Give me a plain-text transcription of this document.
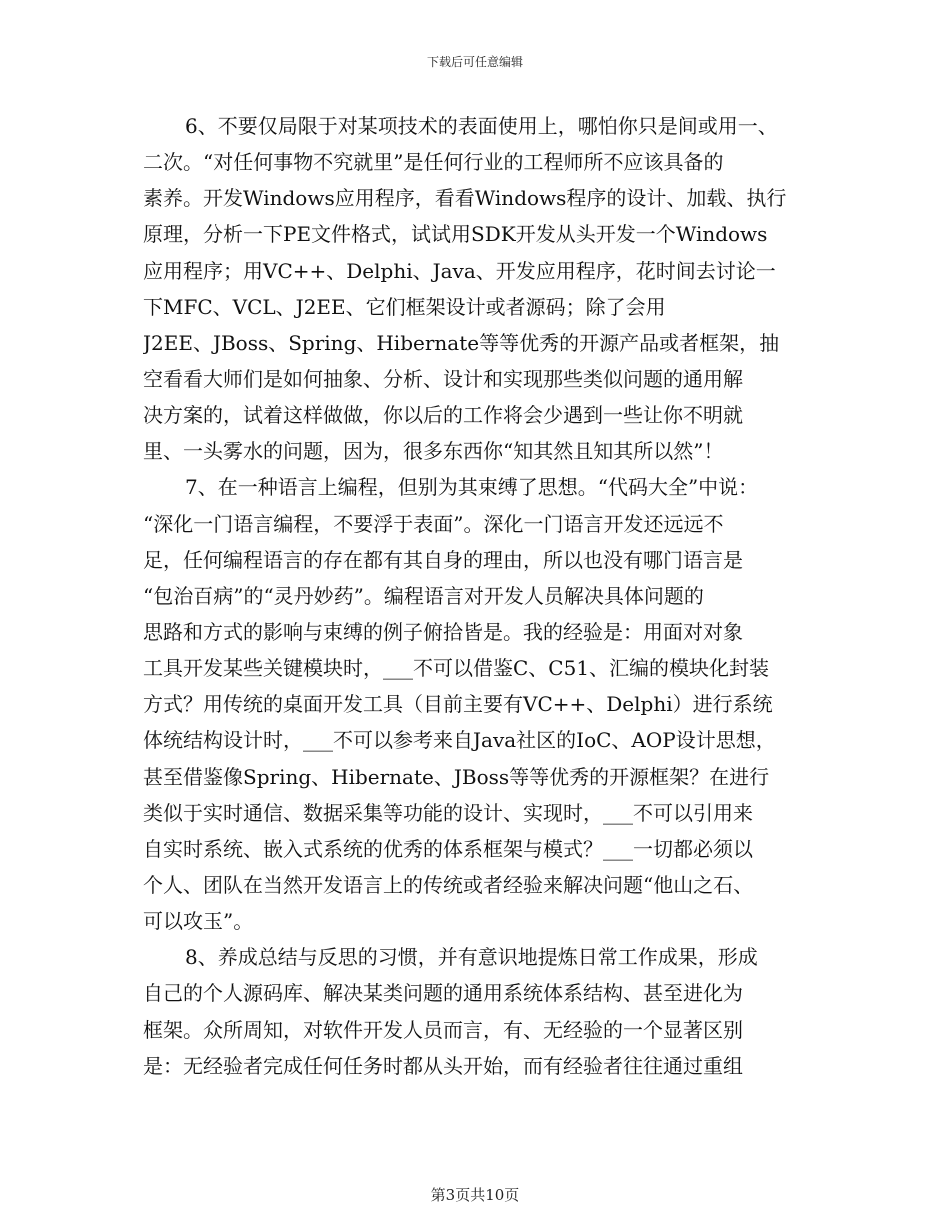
下载后可任意编辑
6、不要仅局限于对某项技术的表面使用上，哪怕你只是间或用一、
二次。“对任何事物不究就里”是任何行业的工程师所不应该具备的
素养。开发Windows应用程序，看看Windows程序的设计、加载、执行
原理，分析一下PE文件格式，试试用SDK开发从头开发一个Windows
应用程序；用VC++、Delphi、Java、开发应用程序，花时间去讨论一
下MFC、VCL、J2EE、它们框架设计或者源码；除了会用
J2EE、JBoss、Spring、Hibernate等等优秀的开源产品或者框架，抽
空看看大师们是如何抽象、分析、设计和实现那些类似问题的通用解
决方案的，试着这样做做，你以后的工作将会少遇到一些让你不明就
里、一头雾水的问题，因为，很多东西你“知其然且知其所以然”！
7、在一种语言上编程，但别为其束缚了思想。“代码大全”中说：
“深化一门语言编程，不要浮于表面”。深化一门语言开发还远远不
足，任何编程语言的存在都有其自身的理由，所以也没有哪门语言是
“包治百病”的“灵丹妙药”。编程语言对开发人员解决具体问题的
思路和方式的影响与束缚的例子俯拾皆是。我的经验是：用面对对象
工具开发某些关键模块时，___不可以借鉴C、C51、汇编的模块化封装
方式？用传统的桌面开发工具（目前主要有VC++、Delphi）进行系统
体统结构设计时，___不可以参考来自Java社区的IoC、AOP设计思想，
甚至借鉴像Spring、Hibernate、JBoss等等优秀的开源框架？在进行
类似于实时通信、数据采集等功能的设计、实现时，___不可以引用来
自实时系统、嵌入式系统的优秀的体系框架与模式？___一切都必须以
个人、团队在当然开发语言上的传统或者经验来解决问题“他山之石、
可以攻玉”。
8、养成总结与反思的习惯，并有意识地提炼日常工作成果，形成
自己的个人源码库、解决某类问题的通用系统体系结构、甚至进化为
框架。众所周知，对软件开发人员而言，有、无经验的一个显著区别
是：无经验者完成任何任务时都从头开始，而有经验者往往通过重组
第3页共10页
